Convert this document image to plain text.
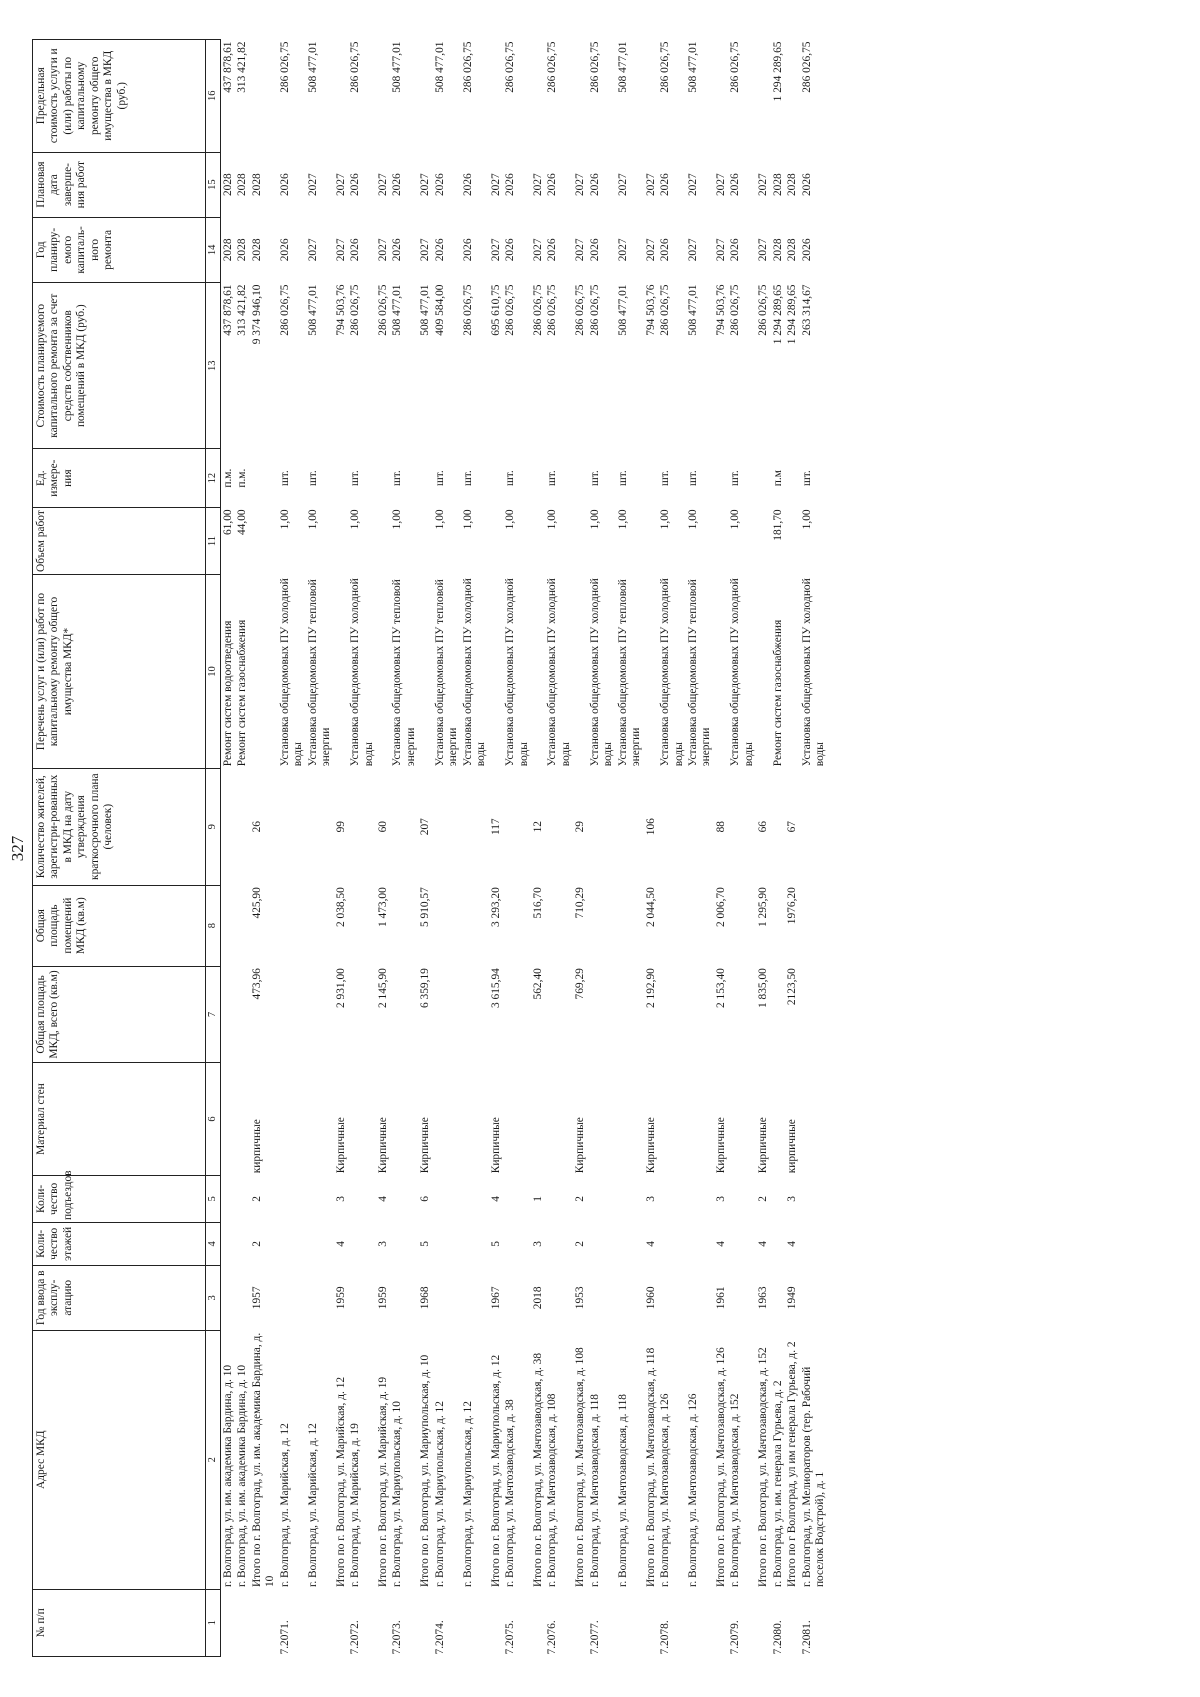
327
№ п/п	Адрес МКД	Год ввода в эксплу-атацию	Коли-чество этажей	Коли-чество подъездов	Материал стен	Общая площадь МКД, всего (кв.м)	Общая площадь помещений МКД (кв.м)	Количество жителей, зарегистри-рованных в МКД на дату утверждения краткосрочного плана (человек)	Перечень услуг и (или) работ по капитальному ремонту общего имущества МКД*	Объем работ	Ед. измере-ния	Стоимость планируемого капитального ремонта за счет средств собственников помещений в МКД (руб.)	Год планиру-емого капиталь-ного ремонта	Плановая дата заверше-ния работ	Предельная стоимость услуги и (или) работы по капитальному ремонту общего имущества в МКД (руб.)
1	2	3	4	5	6	7	8	9	10	11	12	13	14	15	16
	г. Волгоград, ул. им. академика Бардина, д. 10								Ремонт систем водоотведения	61,00	п.м.	437 878,61	2028	2028	437 878,61
	г. Волгоград, ул. им. академика Бардина, д. 10								Ремонт систем газоснабжения	44,00	п.м.	313 421,82	2028	2028	313 421,82
	Итого по г. Волгоград, ул. им. академика Бардина, д. 10	1957	2	2	кирпичные	473,96	425,90	26				9 374 946,10	2028	2028	
7.2071.	г. Волгоград, ул. Марийская, д. 12								Установка общедомовых ПУ холодной воды	1,00	шт.	286 026,75	2026	2026	286 026,75
	г. Волгоград, ул. Марийская, д. 12								Установка общедомовых ПУ тепловой энергии	1,00	шт.	508 477,01	2027	2027	508 477,01
	Итого по г. Волгоград, ул. Марийская, д. 12	1959	4	3	Кирпичные	2 931,00	2 038,50	99				794 503,76	2027	2027	
7.2072.	г. Волгоград, ул. Марийская, д. 19								Установка общедомовых ПУ холодной воды	1,00	шт.	286 026,75	2026	2026	286 026,75
	Итого по г. Волгоград, ул. Марийская, д. 19	1959	3	4	Кирпичные	2 145,90	1 473,00	60				286 026,75	2027	2027	
7.2073.	г. Волгоград, ул. Мариупольская, д. 10								Установка общедомовых ПУ тепловой энергии	1,00	шт.	508 477,01	2026	2026	508 477,01
	Итого по г. Волгоград, ул. Мариупольская, д. 10	1968	5	6	Кирпичные	6 359,19	5 910,57	207				508 477,01	2027	2027	
7.2074.	г. Волгоград, ул. Мариупольская, д. 12								Установка общедомовых ПУ тепловой энергии	1,00	шт.	409 584,00	2026	2026	508 477,01
	г. Волгоград, ул. Мариупольская, д. 12								Установка общедомовых ПУ холодной воды	1,00	шт.	286 026,75	2026	2026	286 026,75
	Итого по г. Волгоград, ул. Мариупольская, д. 12	1967	5	4	Кирпичные	3 615,94	3 293,20	117				695 610,75	2027	2027	
7.2075.	г. Волгоград, ул. Мачтозаводская, д. 38								Установка общедомовых ПУ холодной воды	1,00	шт.	286 026,75	2026	2026	286 026,75
	Итого по г. Волгоград, ул. Мачтозаводская, д. 38	2018	3	1		562,40	516,70	12				286 026,75	2027	2027	
7.2076.	г. Волгоград, ул. Мачтозаводская, д. 108								Установка общедомовых ПУ холодной воды	1,00	шт.	286 026,75	2026	2026	286 026,75
	Итого по г. Волгоград, ул. Мачтозаводская, д. 108	1953	2	2	Кирпичные	769,29	710,29	29				286 026,75	2027	2027	
7.2077.	г. Волгоград, ул. Мачтозаводская, д. 118								Установка общедомовых ПУ холодной воды	1,00	шт.	286 026,75	2026	2026	286 026,75
	г. Волгоград, ул. Мачтозаводская, д. 118								Установка общедомовых ПУ тепловой энергии	1,00	шт.	508 477,01	2027	2027	508 477,01
	Итого по г. Волгоград, ул. Мачтозаводская, д. 118	1960	4	3	Кирпичные	2 192,90	2 044,50	106				794 503,76	2027	2027	
7.2078.	г. Волгоград, ул. Мачтозаводская, д. 126								Установка общедомовых ПУ холодной воды	1,00	шт.	286 026,75	2026	2026	286 026,75
	г. Волгоград, ул. Мачтозаводская, д. 126								Установка общедомовых ПУ тепловой энергии	1,00	шт.	508 477,01	2027	2027	508 477,01
	Итого по г. Волгоград, ул. Мачтозаводская, д. 126	1961	4	3	Кирпичные	2 153,40	2 006,70	88				794 503,76	2027	2027	
7.2079.	г. Волгоград, ул. Мачтозаводская, д. 152								Установка общедомовых ПУ холодной воды	1,00	шт.	286 026,75	2026	2026	286 026,75
	Итого по г. Волгоград, ул. Мачтозаводская, д. 152	1963	4	2	Кирпичные	1 835,00	1 295,90	66				286 026,75	2027	2027	
7.2080.	г. Волгоград, ул. им. генерала Гурьева, д. 2								Ремонт систем газоснабжения	181,70	п.м	1 294 289,65	2028	2028	1 294 289,65
	Итого по г Волгоград, ул им генерала Гурьева, д. 2	1949	4	3	кирпичные	2123,50	1976,20	67				1 294 289,65	2028	2028	
7.2081.	г. Волгоград, ул. Мелиораторов (тер. Рабочий поселок Водстрой), д. 1								Установка общедомовых ПУ холодной воды	1,00	шт.	263 314,67	2026	2026	286 026,75
